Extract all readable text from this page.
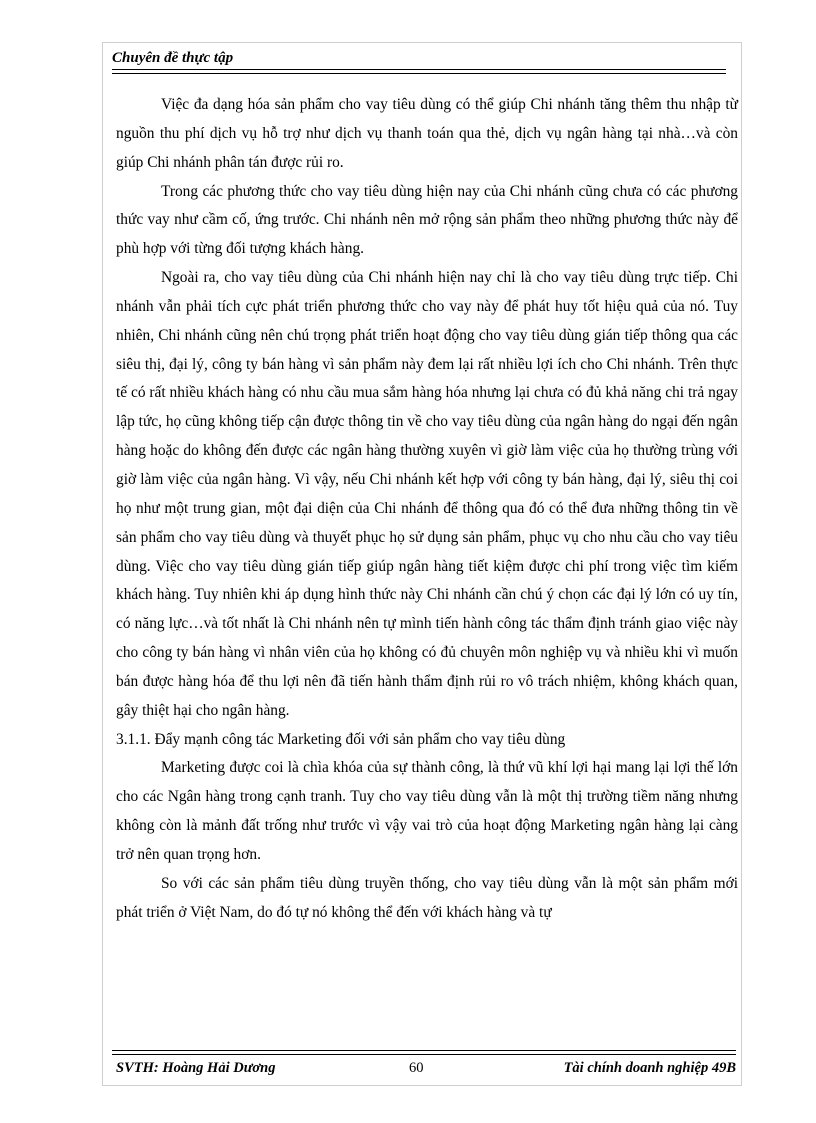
Chuyên đề thực tập

Việc đa dạng hóa sản phẩm cho vay tiêu dùng có thể giúp Chi nhánh tăng thêm thu nhập từ nguồn thu phí dịch vụ hỗ trợ như dịch vụ thanh toán qua thẻ, dịch vụ ngân hàng tại nhà…và còn giúp Chi nhánh phân tán được rủi ro.

Trong các phương thức cho vay tiêu dùng hiện nay của Chi nhánh cũng chưa có các phương thức vay như cầm cố, ứng trước. Chi nhánh nên mở rộng sản phẩm theo những phương thức này để phù hợp với từng đối tượng khách hàng.

Ngoài ra, cho vay tiêu dùng của Chi nhánh hiện nay chỉ là cho vay tiêu dùng trực tiếp. Chi nhánh vẫn phải tích cực phát triển phương thức cho vay này để phát huy tốt hiệu quả của nó. Tuy nhiên, Chi nhánh cũng nên chú trọng phát triển hoạt động cho vay tiêu dùng gián tiếp thông qua các siêu thị, đại lý, công ty bán hàng vì sản phẩm này đem lại rất nhiều lợi ích cho Chi nhánh. Trên thực tế có rất nhiều khách hàng có nhu cầu mua sắm hàng hóa nhưng lại chưa có đủ khả năng chi trả ngay lập tức, họ cũng không tiếp cận được thông tin về cho vay tiêu dùng của ngân hàng do ngại đến ngân hàng hoặc do không đến được các ngân hàng thường xuyên vì giờ làm việc của họ thường trùng với giờ làm việc của ngân hàng. Vì vậy, nếu Chi nhánh kết hợp với công ty bán hàng, đại lý, siêu thị coi họ như một trung gian, một đại diện của Chi nhánh để thông qua đó có thể đưa những thông tin về sản phẩm cho vay tiêu dùng và thuyết phục họ sử dụng sản phẩm, phục vụ cho nhu cầu cho vay tiêu dùng. Việc cho vay tiêu dùng gián tiếp giúp ngân hàng tiết kiệm được chi phí trong việc tìm kiếm khách hàng. Tuy nhiên khi áp dụng hình thức này Chi nhánh cần chú ý chọn các đại lý lớn có uy tín, có năng lực…và tốt nhất là Chi nhánh nên tự mình tiến hành công tác thẩm định tránh giao việc này cho công ty bán hàng vì nhân viên của họ không có đủ chuyên môn nghiệp vụ và nhiều khi vì muốn bán được hàng hóa để thu lợi nên đã tiến hành thẩm định rủi ro vô trách nhiệm, không khách quan, gây thiệt hại cho ngân hàng.

3.1.1. Đẩy mạnh công tác Marketing đối với sản phẩm cho vay tiêu dùng

Marketing được coi là chìa khóa của sự thành công, là thứ vũ khí lợi hại mang lại lợi thế lớn cho các Ngân hàng trong cạnh tranh. Tuy cho vay tiêu dùng vẫn là một thị trường tiềm năng nhưng không còn là mảnh đất trống như trước vì vậy vai trò của hoạt động Marketing ngân hàng lại càng trở nên quan trọng hơn.

So với các sản phẩm tiêu dùng truyền thống, cho vay tiêu dùng vẫn là một sản phẩm mới phát triển ở Việt Nam, do đó tự nó không thể đến với khách hàng và tự

SVTH: Hoàng Hải Dương	60	Tài chính doanh nghiệp 49B
